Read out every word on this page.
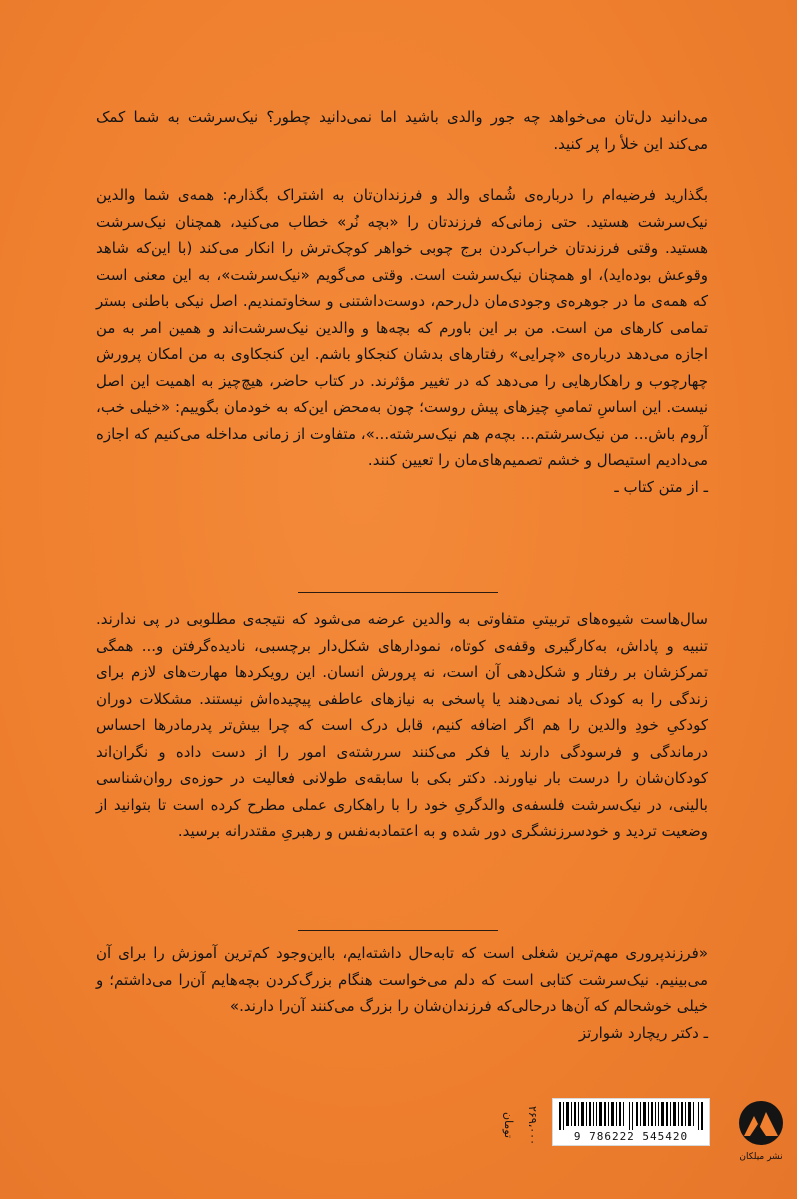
می‌دانید دل‌تان می‌خواهد چه جور والدی باشید اما نمی‌دانید چطور؟ نیک‌سرشت به شما کمک می‌کند این خلأ را پر کنید.

بگذارید فرضیه‌ام را درباره‌ی شُمای والد و فرزندان‌تان به اشتراک بگذارم: همه‌ی شما والدین نیک‌سرشت هستید. حتی زمانی‌که فرزندتان را «بچه نُر» خطاب می‌کنید، همچنان نیک‌سرشت هستید. وقتی فرزندتان خراب‌کردن برج چوبی خواهر کوچک‌ترش را انکار می‌کند (با این‌که شاهد وقوعش بوده‌اید)، او همچنان نیک‌سرشت است. وقتی می‌گویم «نیک‌سرشت»، به این معنی است که همه‌ی ما در جوهره‌ی وجودی‌مان دل‌رحم، دوست‌داشتنی و سخاوتمندیم. اصل نیکی باطنی بستر تمامی کارهای من است. من بر این باورم که بچه‌ها و والدین نیک‌سرشت‌اند و همین امر به من اجازه می‌دهد درباره‌ی «چرایی» رفتارهای بدشان کنجکاو باشم. این کنجکاوی به من امکان پرورش چهارچوب و راهکارهایی را می‌دهد که در تغییر مؤثرند. در کتاب حاضر، هیچ‌چیز به اهمیت این اصل نیست. این اساسِ تمامیِ چیزهای پیش روست؛ چون به‌محض این‌که به خودمان بگوییم: «خیلی خب، آروم باش... من نیک‌سرشتم... بچه‌م هم نیک‌سرشته...»، متفاوت از زمانی مداخله می‌کنیم که اجازه می‌دادیم استیصال و خشم تصمیم‌های‌مان را تعیین کنند.

ـ از متن کتاب ـ

سال‌هاست شیوه‌های تربیتیِ متفاوتی به والدین عرضه می‌شود که نتیجه‌ی مطلوبی در پی ندارند. تنبیه و پاداش، به‌کارگیری وقفه‌ی کوتاه، نمودارهای شکل‌دار برچسبی، نادیده‌گرفتن و... همگی تمرکزشان بر رفتار و شکل‌دهی آن است، نه پرورش انسان. این رویکردها مهارت‌های لازم برای زندگی را به کودک یاد نمی‌دهند یا پاسخی به نیازهای عاطفی پیچیده‌اش نیستند. مشکلات دوران کودکیِ خودِ والدین را هم اگر اضافه کنیم، قابل درک است که چرا بیش‌تر پدرمادرها احساس درماندگی و فرسودگی دارند یا فکر می‌کنند سررشته‌ی امور را از دست داده و نگران‌اند کودکان‌شان را درست بار نیاورند. دکتر بکی با سابقه‌ی طولانی فعالیت در حوزه‌ی روان‌شناسی بالینی، در نیک‌سرشت فلسفه‌ی والدگریِ خود را با راهکاری عملی مطرح کرده است تا بتوانید از وضعیت تردید و خودسرزنشگری دور شده و به اعتمادبه‌نفس و رهبریِ مقتدرانه برسید.

«فرزندپروری مهم‌ترین شغلی است که تابه‌حال داشته‌ایم، بااین‌وجود کم‌ترین آموزش را برای آن می‌بینیم. نیک‌سرشت کتابی است که دلم می‌خواست هنگام بزرگ‌کردن بچه‌هایم آن‌را می‌داشتم؛ و خیلی خوشحالم که آن‌ها درحالی‌که فرزندان‌شان را بزرگ می‌کنند آن‌را دارند.»

ـ دکتر ریچارد شوارتز

۲۶۹،۰۰۰ تومان	9 786222 545420
نشر میلکان
